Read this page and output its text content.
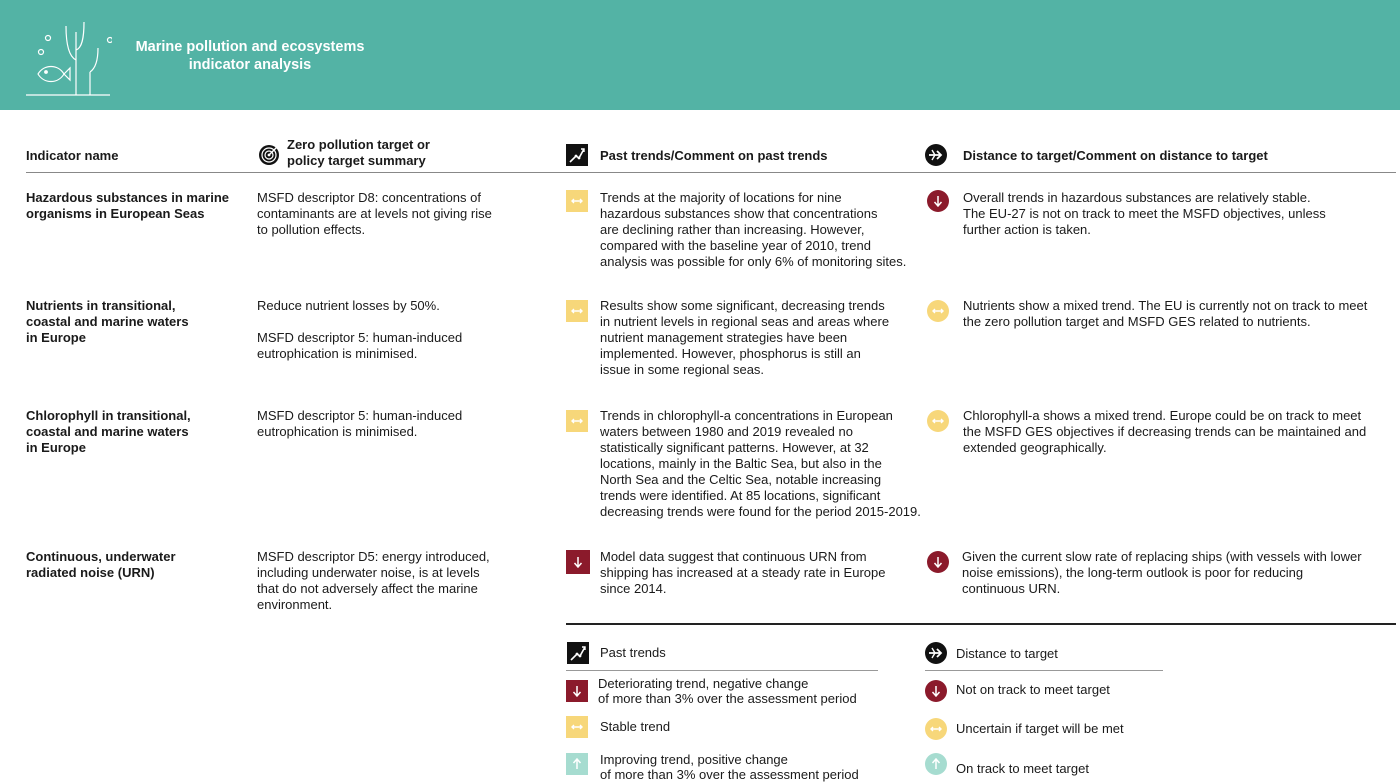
Marine pollution and ecosystems
indicator analysis
Indicator name
Zero pollution target or
policy target summary	Past trends/Comment on past trends	Distance to target/Comment on distance to target

Hazardous substances in marine

organisms in European Seas

MSFD descriptor D8: concentrations of

contaminants are at levels not giving rise

to pollution effects.

Trends at the majority of locations for nine

hazardous substances show that concentrations

are declining rather than increasing. However,

compared with the baseline year of 2010, trend

analysis was possible for only 6% of monitoring sites.

Overall trends in hazardous substances are relatively stable.

The EU-27 is not on track to meet the MSFD objectives, unless

further action is taken.

Nutrients in transitional,

coastal and marine waters

in Europe

Reduce nutrient losses by 50%.

MSFD descriptor 5: human-induced

eutrophication is minimised.

Results show some significant, decreasing trends

in nutrient levels in regional seas and areas where

nutrient management strategies have been

implemented. However, phosphorus is still an

issue in some regional seas.

Nutrients show a mixed trend. The EU is currently not on track to meet

the zero pollution target and MSFD GES related to nutrients.

Chlorophyll in transitional,

coastal and marine waters

in Europe

MSFD descriptor 5: human-induced

eutrophication is minimised.

Trends in chlorophyll-a concentrations in European

waters between 1980 and 2019 revealed no

statistically significant patterns. However, at 32

locations, mainly in the Baltic Sea, but also in the

North Sea and the Celtic Sea, notable increasing

trends were identified. At 85 locations, significant

decreasing trends were found for the period 2015-2019.

Chlorophyll-a shows a mixed trend. Europe could be on track to meet

the MSFD GES objectives if decreasing trends can be maintained and

extended geographically.

Continuous, underwater

radiated noise (URN)

MSFD descriptor D5: energy introduced,

including underwater noise, is at levels

that do not adversely affect the marine

environment.

Model data suggest that continuous URN from

shipping has increased at a steady rate in Europe

since 2014.

Given the current slow rate of replacing ships (with vessels with lower

noise emissions), the long-term outlook is poor for reducing

continuous URN.

Past trends
Deteriorating trend, negative change
of more than 3% over the assessment period
Stable trend
Improving trend, positive change
of more than 3% over the assessment period
Distance to target
Not on track to meet target
Uncertain if target will be met
On track to meet target
